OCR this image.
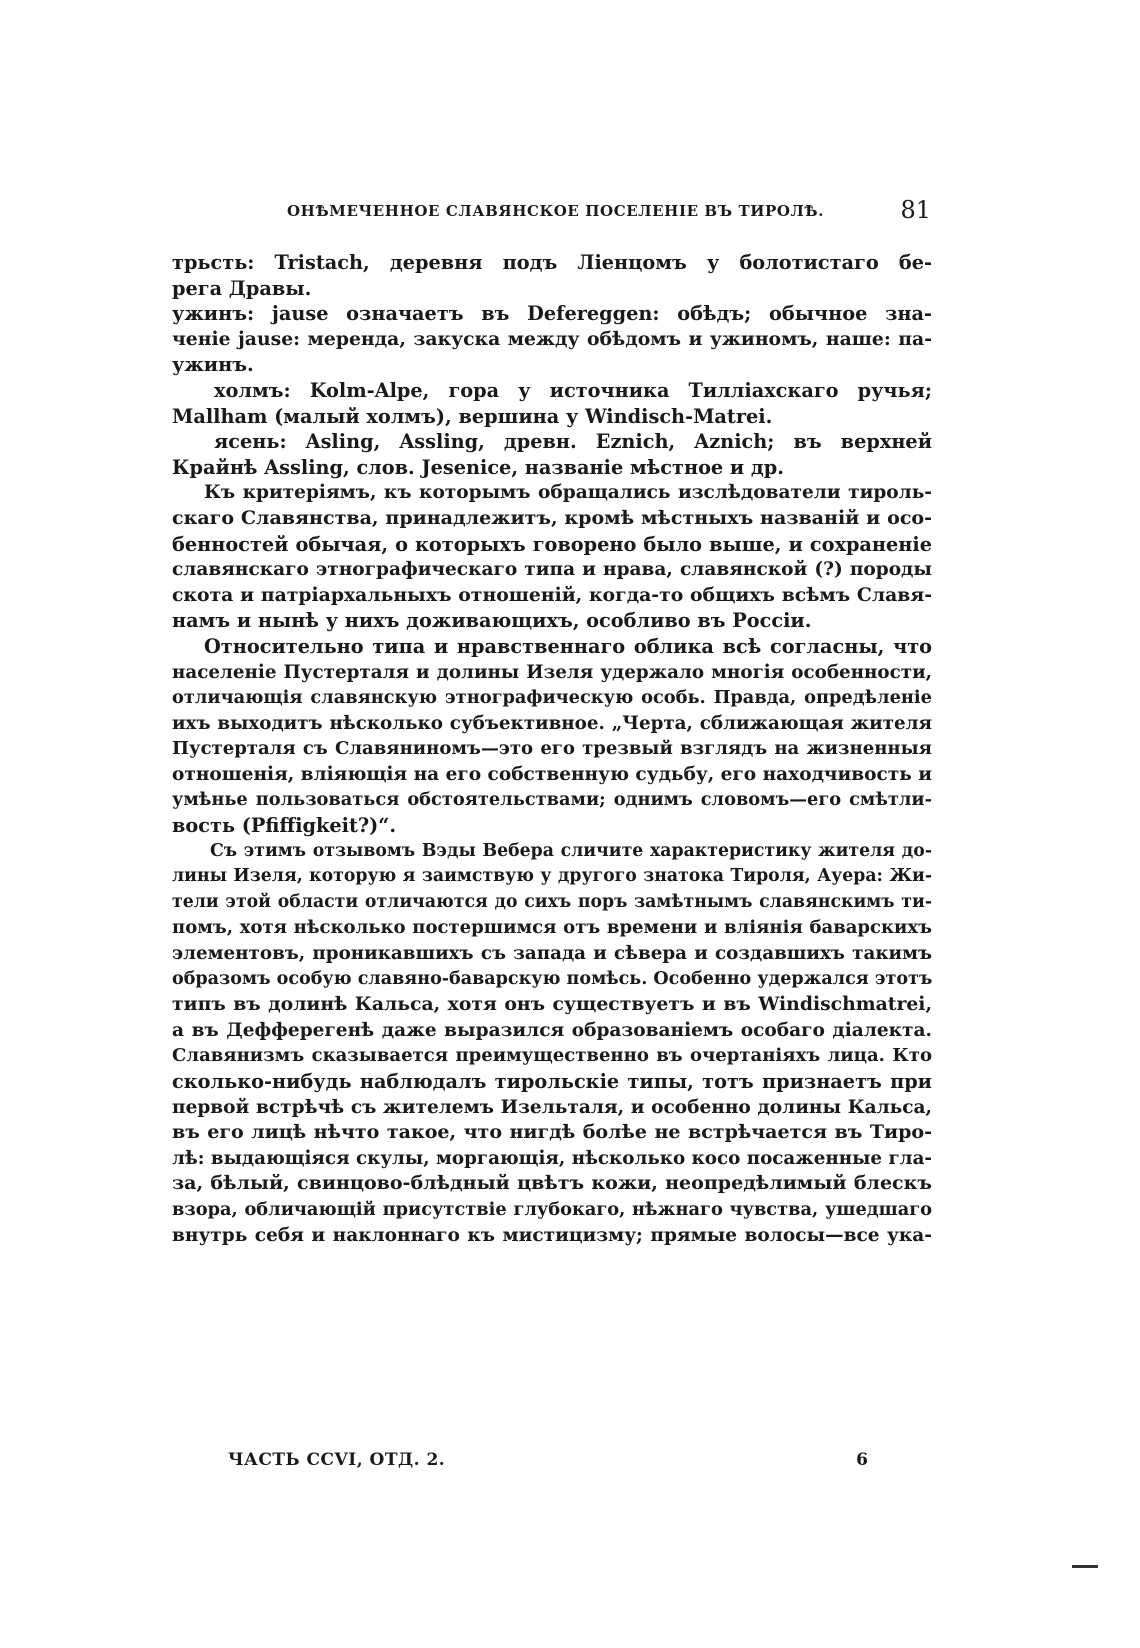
ОНѢМЕЧЕННОЕ СЛАВЯНСКОЕ ПОСЕЛЕНІЕ ВЪ ТИРОЛѢ.	81
трьсть: Tristach, деревня подъ Ліенцомъ у болотистаго бе-
рега Дравы.
ужинъ: jause означаетъ въ Defereggen: обѣдъ; обычное зна-
ченіе jause: меренда, закуска между обѣдомъ и ужиномъ, наше: па-
ужинъ.
холмъ: Kolm-Alpe, гора у источника Тилліахскаго ручья;
Mallham (малый холмъ), вершина у Windisch-Matrei.
ясень: Asling, Assling, древн. Eznich, Aznich; въ верхней
Крайнѣ Assling, слов. Jesenice, названіе мѣстное и др.
Къ критеріямъ, къ которымъ обращались изслѣдователи тироль-
скаго Славянства, принадлежитъ, кромѣ мѣстныхъ названій и осо-
бенностей обычая, о которыхъ говорено было выше, и сохраненіе
славянскаго этнографическаго типа и нрава, славянской (?) породы
скота и патріархальныхъ отношеній, когда-то общихъ всѣмъ Славя-
намъ и нынѣ у нихъ доживающихъ, особливо въ Россіи.
Относительно типа и нравственнаго облика всѣ согласны, что
населеніе Пустерталя и долины Изеля удержало многія особенности,
отличающія славянскую этнографическую особь. Правда, опредѣленіе
ихъ выходитъ нѣсколько субъективное. „Черта, сближающая жителя
Пустерталя съ Славяниномъ—это его трезвый взглядъ на жизненныя
отношенія, вліяющія на его собственную судьбу, его находчивость и
умѣнье пользоваться обстоятельствами; однимъ словомъ—его смѣтли-
вость (Pfiffigkeit?)“.
Съ этимъ отзывомъ Вэды Вебера сличите характеристику жителя до-
лины Изеля, которую я заимствую у другого знатока Тироля, Ауера: Жи-
тели этой области отличаются до сихъ поръ замѣтнымъ славянскимъ ти-
помъ, хотя нѣсколько постершимся отъ времени и вліянія баварскихъ
элементовъ, проникавшихъ съ запада и сѣвера и создавшихъ такимъ
образомъ особую славяно-баварскую помѣсь. Особенно удержался этотъ
типъ въ долинѣ Кальса, хотя онъ существуетъ и въ Windischmatrei,
а въ Дефферегенѣ даже выразился образованіемъ особаго діалекта.
Славянизмъ сказывается преимущественно въ очертаніяхъ лица. Кто
сколько-нибудь наблюдалъ тирольскіе типы, тотъ признаетъ при
первой встрѣчѣ съ жителемъ Изельталя, и особенно долины Кальса,
въ его лицѣ нѣчто такое, что нигдѣ болѣе не встрѣчается въ Тиро-
лѣ: выдающіяся скулы, моргающія, нѣсколько косо посаженные гла-
за, бѣлый, свинцово-блѣдный цвѣтъ кожи, неопредѣлимый блескъ
взора, обличающій присутствіе глубокаго, нѣжнаго чувства, ушедшаго
внутрь себя и наклоннаго къ мистицизму; прямые волосы—все ука-
ЧАСТЬ CCVI, ОТД. 2.	6
